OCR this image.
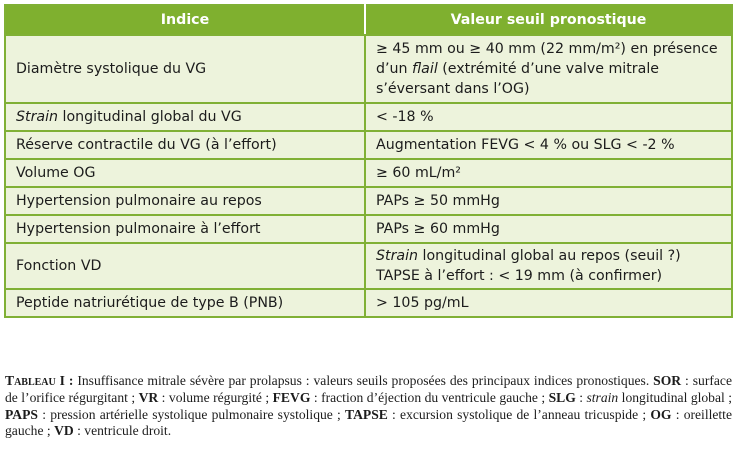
Indice	Valeur seuil pronostique
Diamètre systolique du VG	≥ 45 mm ou ≥ 40 mm (22 mm/m²) en présence d’un flail (extrémité d’une valve mitrale s’éversant dans l’OG)
Strain longitudinal global du VG	< -18 %
Réserve contractile du VG (à l’effort)	Augmentation FEVG < 4 % ou SLG < -2 %
Volume OG	≥ 60 mL/m²
Hypertension pulmonaire au repos	PAPs ≥ 50 mmHg
Hypertension pulmonaire à l’effort	PAPs ≥ 60 mmHg
Fonction VD	Strain longitudinal global au repos (seuil ?)
TAPSE à l’effort : < 19 mm (à confirmer)
Peptide natriurétique de type B (PNB)	> 105 pg/mL
Tableau I : Insuffisance mitrale sévère par prolapsus : valeurs seuils proposées des principaux indices pronostiques. SOR : surface de l’orifice régurgitant ; VR : volume régurgité ; FEVG : fraction d’éjection du ventricule gauche ; SLG : strain longitudinal global ; PAPS : pression artérielle systolique pulmonaire systolique ; TAPSE : excursion systolique de l’anneau tricuspide ; OG : oreillette gauche ; VD : ventricule droit.
